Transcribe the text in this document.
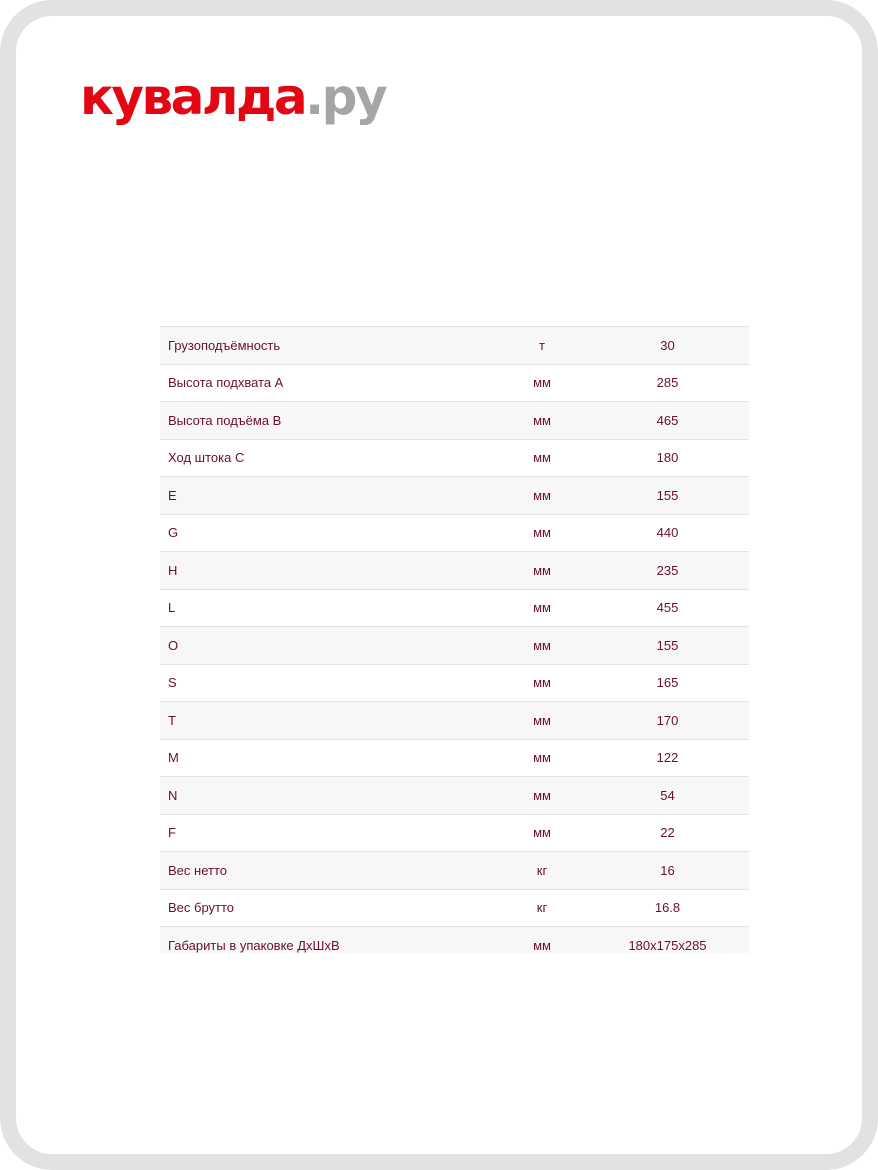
кувалда.ру
Грузоподъёмность	т	30
Высота подхвата A	мм	285
Высота подъёма B	мм	465
Ход штока C	мм	180
E	мм	155
G	мм	440
H	мм	235
L	мм	455
O	мм	155
S	мм	165
T	мм	170
M	мм	122
N	мм	54
F	мм	22
Вес нетто	кг	16
Вес брутто	кг	16.8
Габариты в упаковке ДхШхВ	мм	180x175x285
